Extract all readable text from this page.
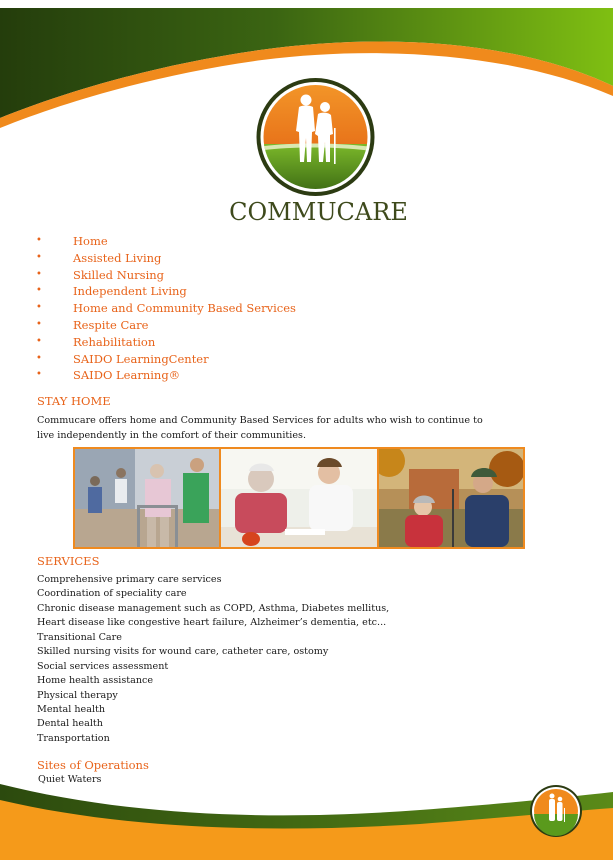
COMMUCARE
•	Home
•	Assisted Living
•	Skilled Nursing
•	Independent Living
•	Home and Community Based Services
•	Respite Care
•	Rehabilitation
•	SAIDO LearningCenter
•	SAIDO Learning®
STAY HOME
Commucare offers home and Community Based Services for adults who wish to continue to live independently in the comfort of their communities.
SERVICES
Comprehensive primary care services
Coordination of speciality care
Chronic disease management such as COPD, Asthma, Diabetes mellitus,
Heart disease like congestive heart failure, Alzheimer’s dementia, etc...
Transitional Care
Skilled nursing visits for wound care, catheter care, ostomy
Social services assessment
Home health assistance
Physical therapy
Mental health
Dental health
Transportation
Sites of Operations
Quiet Waters
